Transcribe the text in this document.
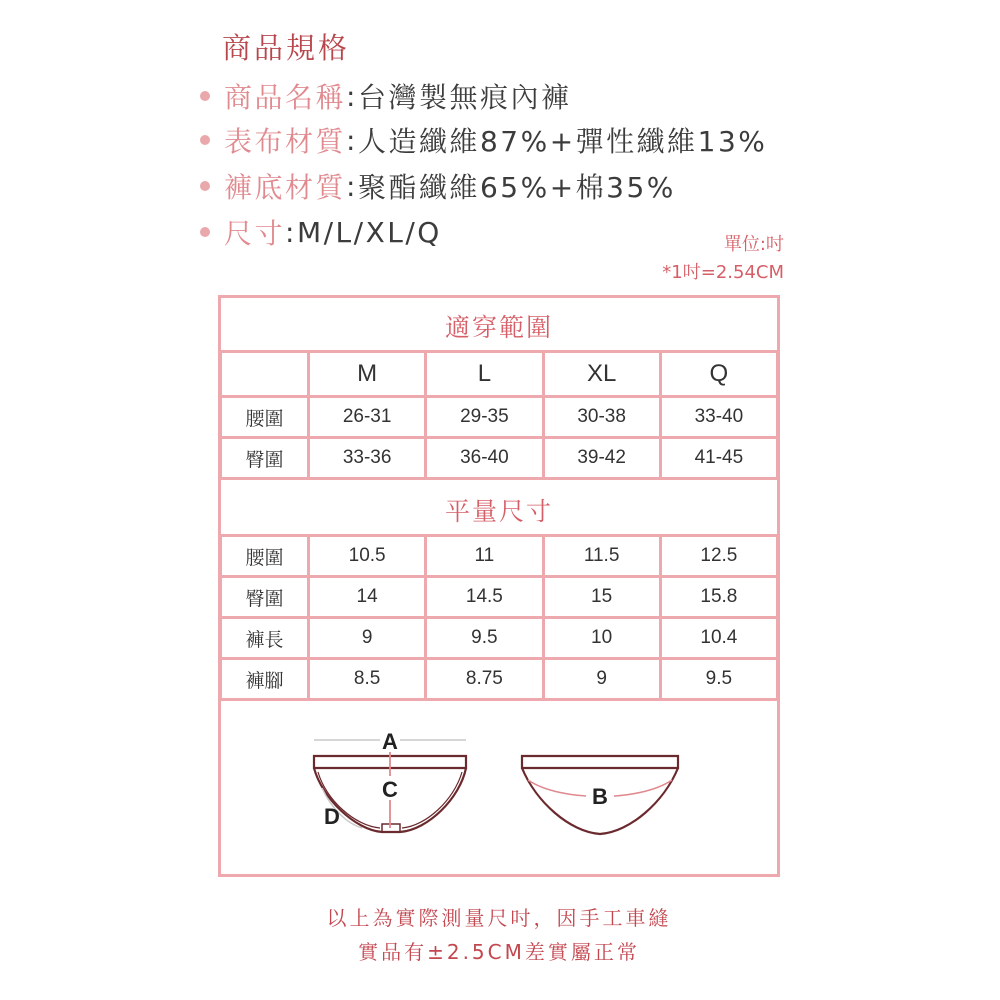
商品規格
商品名稱 : 台灣製無痕內褲
表布材質 : 人造纖維87%+彈性纖維13%
褲底材質 : 聚酯纖維65%+棉35%
尺寸 : M/L/XL/Q	單位:吋
*1吋=2.54CM
適穿範圍
	M	L	XL	Q
腰圍	26-31	29-35	30-38	33-40
臀圍	33-36	36-40	39-42	41-45
平量尺寸
腰圍	10.5	11	11.5	12.5
臀圍	14	14.5	15	15.8
褲長	9	9.5	10	10.4
褲腳	8.5	8.75	9	9.5
A
C
D
B
以上為實際測量尺吋，因手工車縫
實品有±2.5CM差實屬正常
